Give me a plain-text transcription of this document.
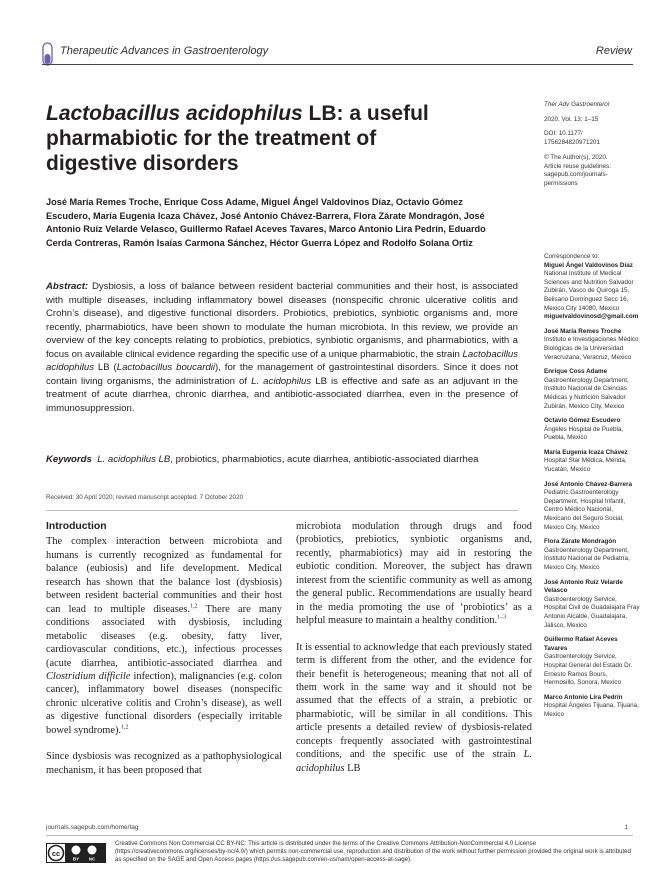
Therapeutic Advances in Gastroenterology	Review
Lactobacillus acidophilus LB: a useful pharmabiotic for the treatment of digestive disorders
Ther Adv Gastroenterol
2020, Vol. 13: 1–15
DOI: 10.1177/
1756284820971201
© The Author(s), 2020.
Article reuse guidelines:
sagepub.com/journals-
permissions
José María Remes Troche, Enrique Coss Adame, Miguel Ángel Valdovinos Díaz, Octavio Gómez Escudero, María Eugenia Icaza Chávez, José Antonio Chávez-Barrera, Flora Zárate Mondragón, José Antonio Ruíz Velarde Velasco, Guillermo Rafael Aceves Tavares, Marco Antonio Lira Pedrín, Eduardo Cerda Contreras, Ramón Isaías Carmona Sánchez, Héctor Guerra López and Rodolfo Solana Ortiz
Abstract: Dysbiosis, a loss of balance between resident bacterial communities and their host, is associated with multiple diseases, including inflammatory bowel diseases (nonspecific chronic ulcerative colitis and Crohn’s disease), and digestive functional disorders. Probiotics, prebiotics, synbiotic organisms and, more recently, pharmabiotics, have been shown to modulate the human microbiota. In this review, we provide an overview of the key concepts relating to probiotics, prebiotics, synbiotic organisms, and pharmabiotics, with a focus on available clinical evidence regarding the specific use of a unique pharmabiotic, the strain Lactobacillus acidophilus LB (Lactobacillus boucardii), for the management of gastrointestinal disorders. Since it does not contain living organisms, the administration of L. acidophilus LB is effective and safe as an adjuvant in the treatment of acute diarrhea, chronic diarrhea, and antibiotic-associated diarrhea, even in the presence of immunosuppression.
Keywords L. acidophilus LB, probiotics, pharmabiotics, acute diarrhea, antibiotic-associated diarrhea
Received: 30 April 2020; revised manuscript accepted: 7 October 2020
Introduction

The complex interaction between microbiota and humans is currently recognized as fundamental for balance (eubiosis) and life development. Medical research has shown that the balance lost (dysbiosis) between resident bacterial communities and their host can lead to multiple diseases.$^{1,2}$ There are many conditions associated with dysbiosis, including metabolic diseases (e.g. obesity, fatty liver, cardiovascular conditions, etc.), infectious processes (acute diarrhea, antibiotic-associated diarrhea and Clostridium difficile infection), malignancies (e.g. colon cancer), inflammatory bowel diseases (nonspecific chronic ulcerative colitis and Crohn’s disease), as well as digestive functional disorders (especially irritable bowel syndrome).$^{1,2}$

Since dysbiosis was recognized as a pathophysiological mechanism, it has been proposed that

microbiota modulation through drugs and food (probiotics, prebiotics, synbiotic organisms and, recently, pharmabiotics) may aid in restoring the eubiotic condition. Moreover, the subject has drawn interest from the scientific community as well as among the general public. Recommendations are usually heard in the media promoting the use of ‘probiotics’ as a helpful measure to maintain a healthy condition.$^{1-3}$

It is essential to acknowledge that each previously stated term is different from the other, and the evidence for their benefit is heterogeneous; meaning that not all of them work in the same way and it should not be assumed that the effects of a strain, a prebiotic or pharmabiotic, will be similar in all conditions. This article presents a detailed review of dysbiosis-related concepts frequently associated with gastrointestinal conditions, and the specific use of the strain L. acidophilus LB

Correspondence to:
Miguel Ángel Valdovinos Díaz
National Institute of Medical Sciences and Nutrition Salvador Zubirán, Vasco de Quiroga 15, Belisario Domínguez Secc 16, Mexico City 14080, Mexico
miguelvaldovinosd@gmail.com
José María Remes Troche
Instituto e Investigaciones Médico Biológicas de la Universidad Veracruzana, Veracruz, Mexico
Enrique Coss Adame
Gastroenterology Department, Instituto Nacional de Ciencias Médicas y Nutrición Salvador Zubirán, Mexico City, Mexico
Octavio Gómez Escudero
Ángeles Hospital de Puebla, Puebla, Mexico
María Eugenia Icaza Chávez
Hospital Star Médica, Mérida, Yucatán, Mexico
José Antonio Chávez-Barrera
Pediatric Gastroenterology Department, Hospital Infantil, Centro Médico Nacional, Mexicano del Seguro Social, Mexico City, Mexico
Flora Zárate Mondragón
Gastroenterology Department, Instituto Nacional de Pediatría, Mexico City, Mexico
José Antonio Ruíz Velarde Velasco
Gastroenterology Service, Hospital Civil de Guadalajara Fray Antonio Alcalde, Guadalajara, Jalisco, Mexico
Guillermo Rafael Aceves Tavares
Gastroenterology Service, Hospital General del Estado Dr. Ernesto Ramos Bours, Hermosillo, Sonora, Mexico
Marco Antonio Lira Pedrín
Hospital Ángeles Tijuana, Tijuana, Mexico
journals.sagepub.com/home/tag	1
cc
BY NC
Creative Commons Non Commercial CC BY-NC: This article is distributed under the terms of the Creative Commons Attribution-NonCommercial 4.0 License (https://creativecommons.org/licenses/by-nc/4.0/) which permits non-commercial use, reproduction and distribution of the work without further permission provided the original work is attributed as specified on the SAGE and Open Access pages (https://us.sagepub.com/en-us/nam/open-access-at-sage).
